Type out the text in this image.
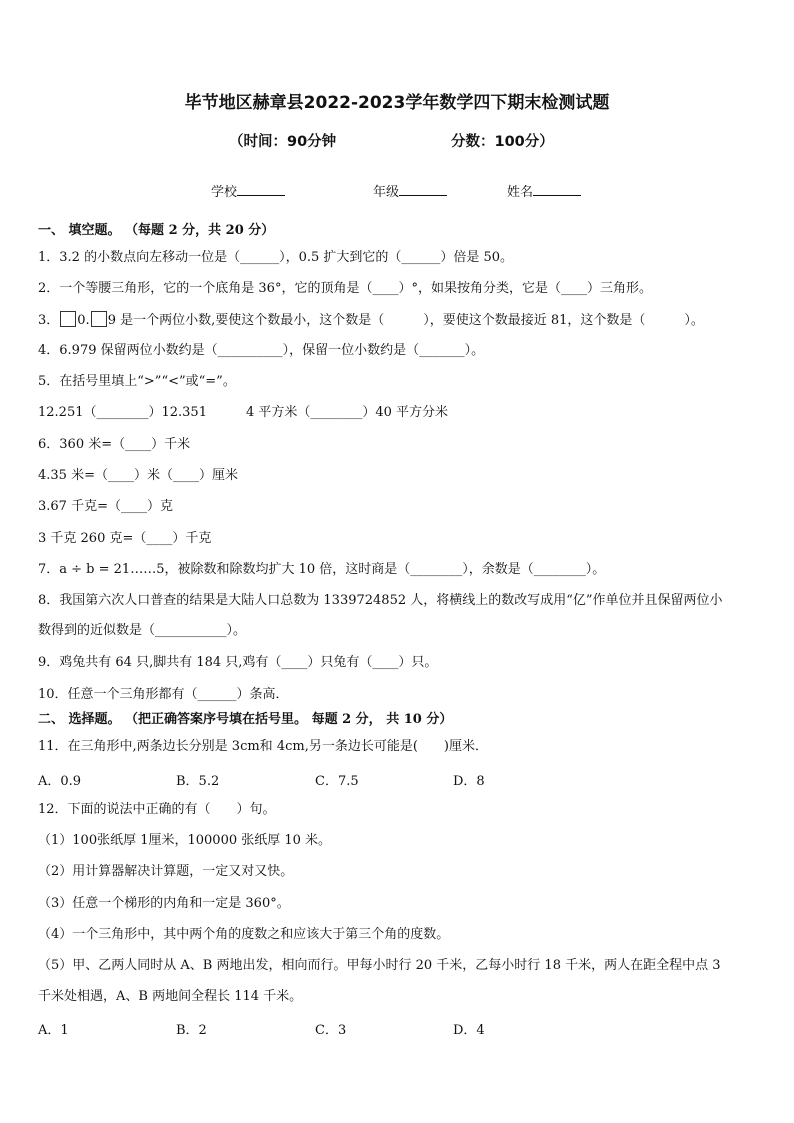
毕节地区赫章县2022-2023学年数学四下期末检测试题
（时间：90分钟	分数：100分）
学校	年级	姓名
一、 填空题。 （每题 2 分，共 20 分）
1．3.2 的小数点向左移动一位是（______），0.5 扩大到它的（______）倍是 50。
2．一个等腰三角形，它的一个底角是 36°，它的顶角是（____）°，如果按角分类，它是（____）三角形。
3． 0. 9 是一个两位小数,要使这个数最小，这个数是（　　　），要使这个数最接近 81，这个数是（　　　）。
4．6.979 保留两位小数约是（__________），保留一位小数约是（_______）。
5．在括号里填上“>”“<”或“=”。
12.251（________）12.351　　　4 平方米（________）40 平方分米
6．360 米=（____）千米
4.35 米=（____）米（____）厘米
3.67 千克=（____）克
3 千克 260 克=（____）千克
7．a ÷ b = 21……5，被除数和除数均扩大 10 倍，这时商是（________），余数是（________）。
8．我国第六次人口普查的结果是大陆人口总数为 1339724852 人，将横线上的数改写成用“亿”作单位并且保留两位小
数得到的近似数是（___________）。
9．鸡兔共有 64 只,脚共有 184 只,鸡有（____）只兔有（____）只。
10．任意一个三角形都有（______）条高．
二、 选择题。 （把正确答案序号填在括号里。 每题 2 分， 共 10 分）
11．在三角形中,两条边长分别是 3cm和 4cm,另一条边长可能是(　　)厘米．
A．0.9	B．5.2	C．7.5	D．8
12．下面的说法中正确的有（　　）句。
（1）100张纸厚 1厘米，100000 张纸厚 10 米。
（2）用计算器解决计算题，一定又对又快。
（3）任意一个梯形的内角和一定是 360°。
（4）一个三角形中，其中两个角的度数之和应该大于第三个角的度数。
（5）甲、乙两人同时从 A、B 两地出发，相向而行。甲每小时行 20 千米，乙每小时行 18 千米，两人在距全程中点 3
千米处相遇，A、B 两地间全程长 114 千米。
A．1	B．2	C．3	D．4
